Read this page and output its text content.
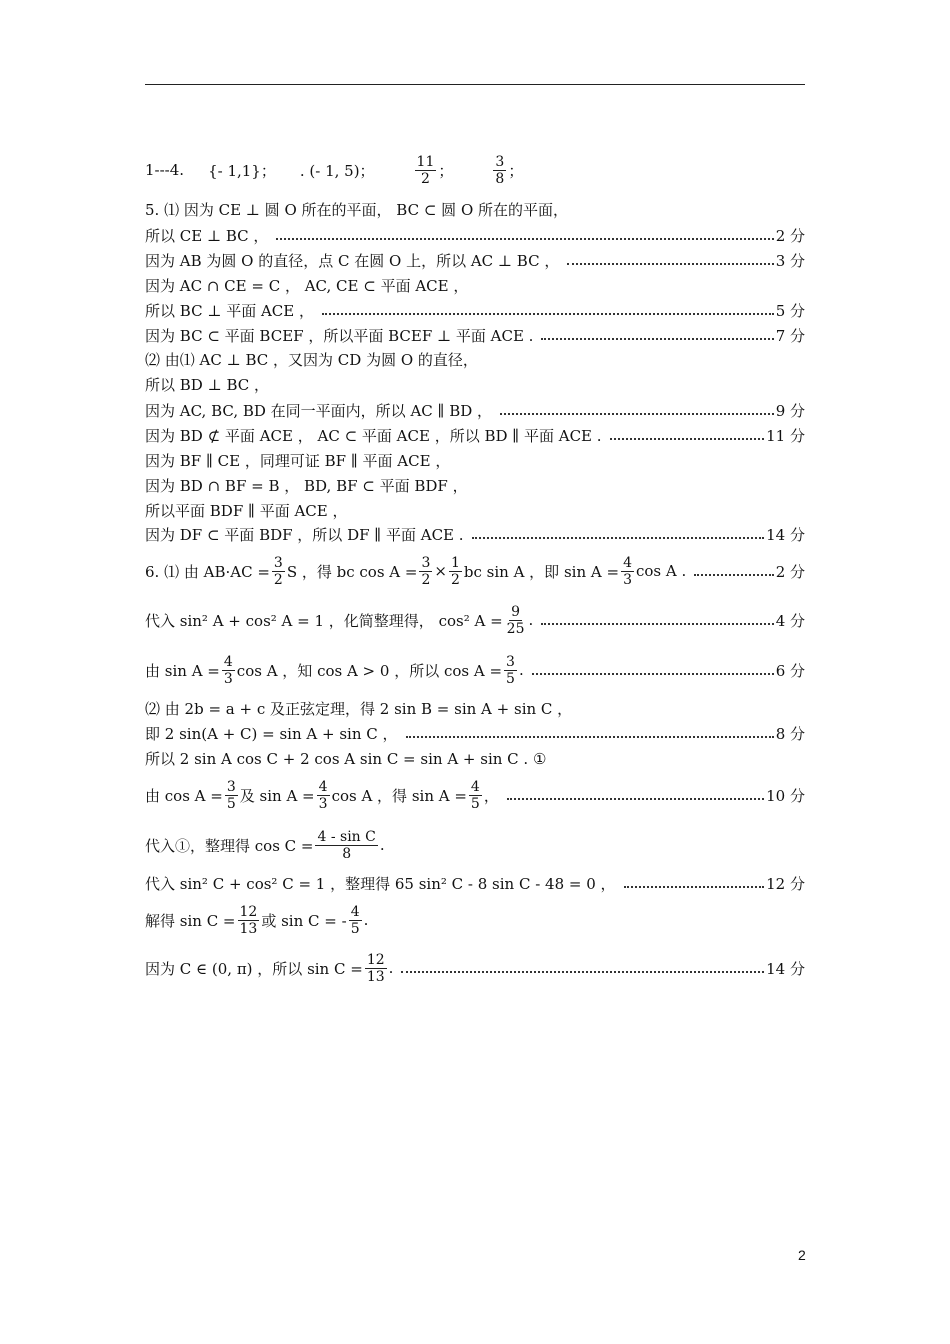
1---4. {- 1,1}； . (- 1, 5)；	$\frac{11}{2}$ ；	$\frac{3}{8}$ ；
5. ⑴ 因为 CE ⊥ 圆 O 所在的平面， BC ⊂ 圆 O 所在的平面，
所以 CE ⊥ BC ，	2 分
因为 AB 为圆 O 的直径，点 C 在圆 O 上，所以 AC ⊥ BC ，	3 分
因为 AC ∩ CE = C ， AC, CE ⊂ 平面 ACE ，
所以 BC ⊥ 平面 ACE ，	5 分
因为 BC ⊂ 平面 BCEF ，所以平面 BCEF ⊥ 平面 ACE .	7 分
⑵ 由⑴ AC ⊥ BC ，又因为 CD 为圆 O 的直径，
所以 BD ⊥ BC ，
因为 AC, BC, BD 在同一平面内，所以 AC ∥ BD ，	9 分
因为 BD ⊄ 平面 ACE ， AC ⊂ 平面 ACE ，所以 BD ∥ 平面 ACE .	11 分
因为 BF ∥ CE ，同理可证 BF ∥ 平面 ACE ，
因为 BD ∩ BF = B ， BD, BF ⊂ 平面 BDF ，
所以平面 BDF ∥ 平面 ACE ，
因为 DF ⊂ 平面 BDF ，所以 DF ∥ 平面 ACE .	14 分
6. ⑴ 由 $AB\cdot AC = \frac{3}{2}$ S ，得 bc $\cos A = \frac{3}{2} \times \frac{1}{2}$ bc sin A ，即 $\sin A = \frac{4}{3}$ cos A .	2 分
代入 sin² A + cos² A = 1 ，化简整理得， cos² $A = \frac{9}{25}$ .	4 分
由 $\sin A = \frac{4}{3}$ cos A ，知 cos A > 0 ，所以 $\cos A = \frac{3}{5}$ .	6 分
⑵ 由 2b = a + c 及正弦定理，得 2 sin B = sin A + sin C ，
即 2 sin(A + C) = sin A + sin C ，	8 分
所以 2 sin A cos C + 2 cos A sin C = sin A + sin C . ①
由 $\cos A = \frac{3}{5}$ 及 $\sin A = \frac{4}{3}$ cos A ，得 $\sin A = \frac{4}{5}$ ，	10 分
代入①，整理得 $\cos C = \frac{\text{4 - sin C}}{8}$ .
代入 sin² C + cos² C = 1 ，整理得 65 sin² C - 8 sin C - 48 = 0 ，	12 分
解得 $\sin C = \frac{12}{13}$ 或 sin C = - $\frac{4}{5}$ .
因为 C ∈ (0, π) ，所以 $\sin C = \frac{12}{13}$ .	14 分
2
